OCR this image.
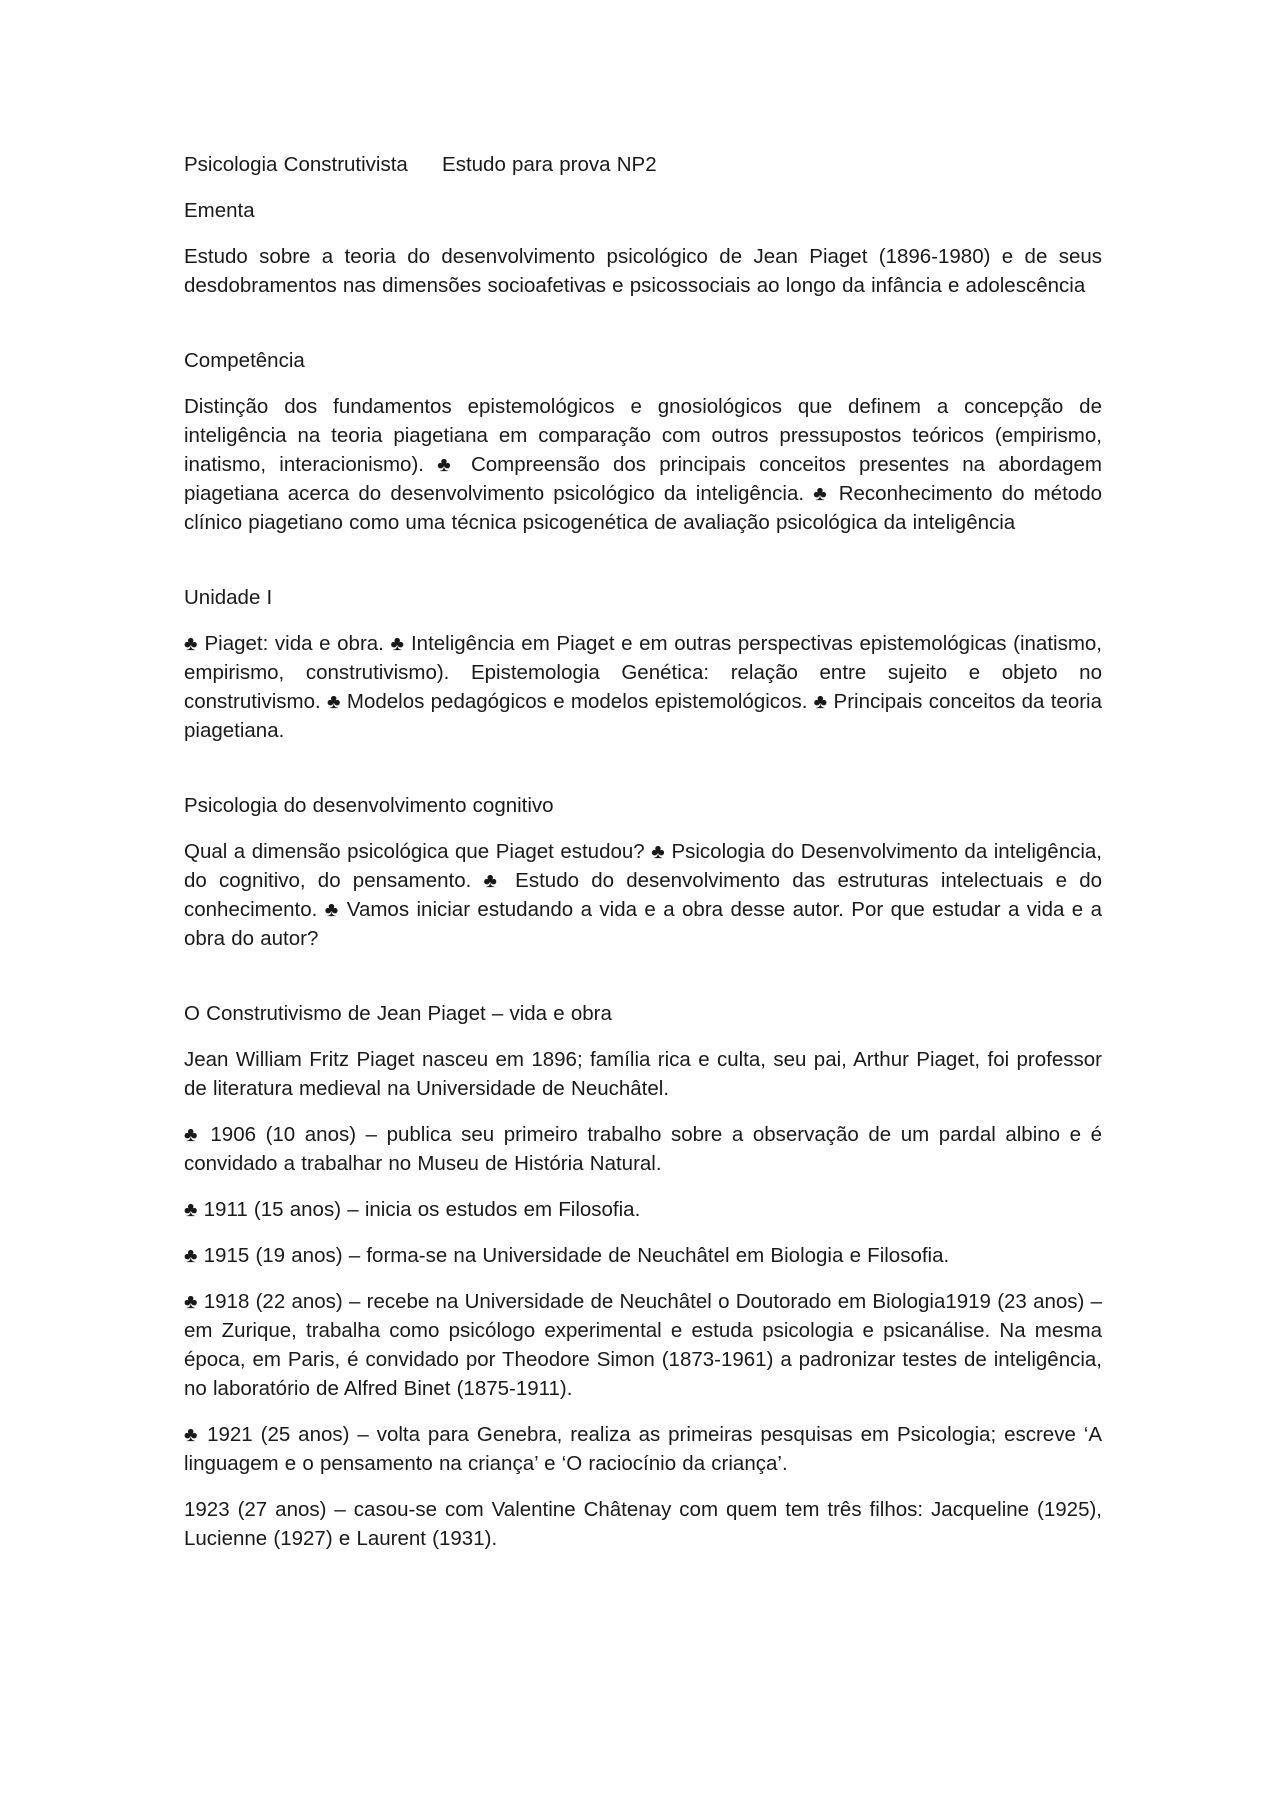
Psicologia Construtivista Estudo para prova NP2

Ementa

Estudo sobre a teoria do desenvolvimento psicológico de Jean Piaget (1896-1980) e de seus desdobramentos nas dimensões socioafetivas e psicossociais ao longo da infância e adolescência

Competência

Distinção dos fundamentos epistemológicos e gnosiológicos que definem a concepção de inteligência na teoria piagetiana em comparação com outros pressupostos teóricos (empirismo, inatismo, interacionismo). ♣ Compreensão dos principais conceitos presentes na abordagem piagetiana acerca do desenvolvimento psicológico da inteligência. ♣ Reconhecimento do método clínico piagetiano como uma técnica psicogenética de avaliação psicológica da inteligência

Unidade I

♣ Piaget: vida e obra. ♣ Inteligência em Piaget e em outras perspectivas epistemológicas (inatismo, empirismo, construtivismo). Epistemologia Genética: relação entre sujeito e objeto no construtivismo. ♣ Modelos pedagógicos e modelos epistemológicos. ♣ Principais conceitos da teoria piagetiana.

Psicologia do desenvolvimento cognitivo

Qual a dimensão psicológica que Piaget estudou? ♣ Psicologia do Desenvolvimento da inteligência, do cognitivo, do pensamento. ♣ Estudo do desenvolvimento das estruturas intelectuais e do conhecimento. ♣ Vamos iniciar estudando a vida e a obra desse autor. Por que estudar a vida e a obra do autor?

O Construtivismo de Jean Piaget – vida e obra

Jean William Fritz Piaget nasceu em 1896; família rica e culta, seu pai, Arthur Piaget, foi professor de literatura medieval na Universidade de Neuchâtel.

♣ 1906 (10 anos) – publica seu primeiro trabalho sobre a observação de um pardal albino e é convidado a trabalhar no Museu de História Natural.

♣ 1911 (15 anos) – inicia os estudos em Filosofia.

♣ 1915 (19 anos) – forma-se na Universidade de Neuchâtel em Biologia e Filosofia.

♣ 1918 (22 anos) – recebe na Universidade de Neuchâtel o Doutorado em Biologia1919 (23 anos) – em Zurique, trabalha como psicólogo experimental e estuda psicologia e psicanálise. Na mesma época, em Paris, é convidado por Theodore Simon (1873-1961) a padronizar testes de inteligência, no laboratório de Alfred Binet (1875-1911).

♣ 1921 (25 anos) – volta para Genebra, realiza as primeiras pesquisas em Psicologia; escreve ‘A linguagem e o pensamento na criança’ e ‘O raciocínio da criança’.

1923 (27 anos) – casou-se com Valentine Châtenay com quem tem três filhos: Jacqueline (1925), Lucienne (1927) e Laurent (1931).
